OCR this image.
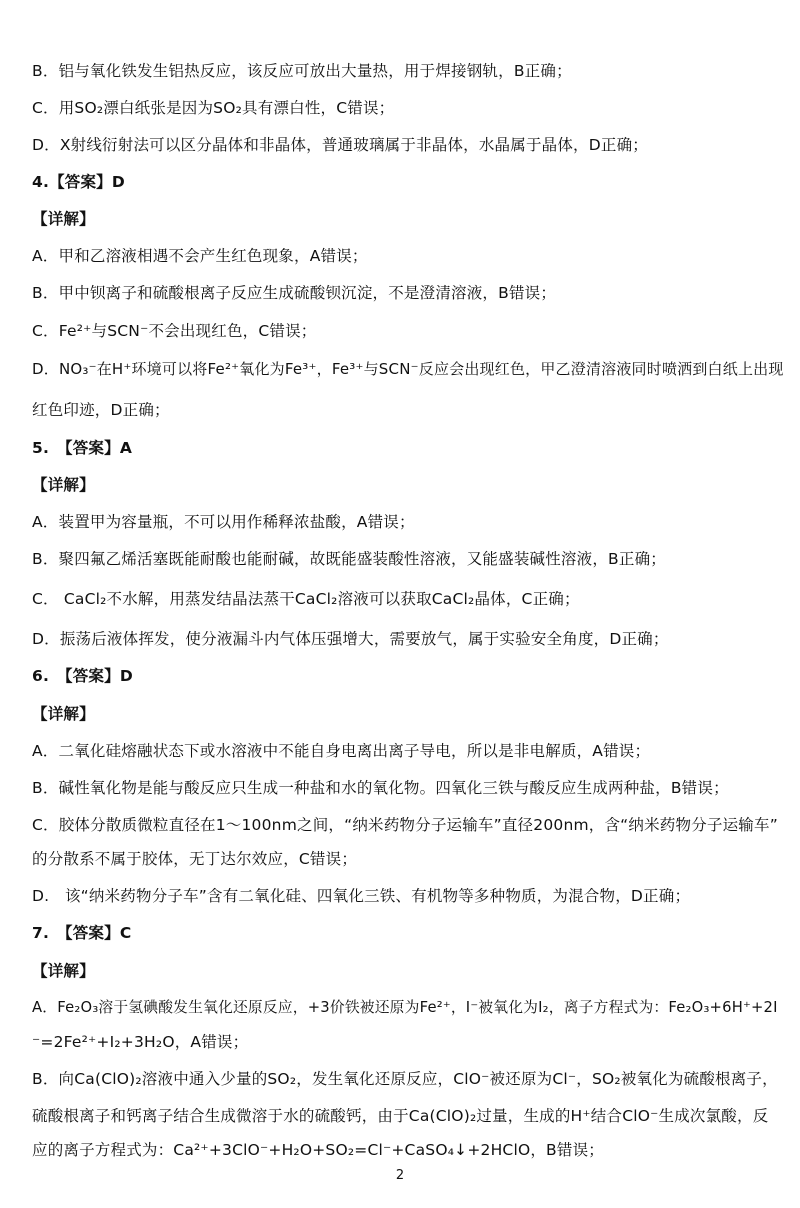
B．铝与氧化铁发生铝热反应，该反应可放出大量热，用于焊接钢轨，B正确；
C．用SO₂漂白纸张是因为SO₂具有漂白性，C错误；
D．X射线衍射法可以区分晶体和非晶体，普通玻璃属于非晶体，水晶属于晶体，D正确；
4.【答案】D
【详解】
A．甲和乙溶液相遇不会产生红色现象，A错误；
B．甲中钡离子和硫酸根离子反应生成硫酸钡沉淀，不是澄清溶液，B错误；
C．Fe²⁺与SCN⁻不会出现红色，C错误；
D．NO₃⁻在H⁺环境可以将Fe²⁺氧化为Fe³⁺，Fe³⁺与SCN⁻反应会出现红色，甲乙澄清溶液同时喷洒到白纸上出现
红色印迹，D正确；
5.　【答案】A
【详解】
A．装置甲为容量瓶，不可以用作稀释浓盐酸，A错误；
B．聚四氟乙烯活塞既能耐酸也能耐碱，故既能盛装酸性溶液，又能盛装碱性溶液，B正确；
C． CaCl₂不水解，用蒸发结晶法蒸干CaCl₂溶液可以获取CaCl₂晶体，C正确；
D．振荡后液体挥发，使分液漏斗内气体压强增大，需要放气，属于实验安全角度，D正确；
6.　【答案】D
【详解】
A．二氧化硅熔融状态下或水溶液中不能自身电离出离子导电，所以是非电解质，A错误；
B．碱性氧化物是能与酸反应只生成一种盐和水的氧化物。四氧化三铁与酸反应生成两种盐，B错误；
C．胶体分散质微粒直径在1～100nm之间，“纳米药物分子运输车”直径200nm，含“纳米药物分子运输车”
的分散系不属于胶体，无丁达尔效应，C错误；
D.　该“纳米药物分子车”含有二氧化硅、四氧化三铁、有机物等多种物质，为混合物，D正确；
7.　【答案】C
【详解】
A．Fe₂O₃溶于氢碘酸发生氧化还原反应，+3价铁被还原为Fe²⁺，I⁻被氧化为I₂，离子方程式为：Fe₂O₃+6H⁺+2I
⁻=2Fe²⁺+I₂+3H₂O，A错误；
B．向Ca(ClO)₂溶液中通入少量的SO₂，发生氧化还原反应，ClO⁻被还原为Cl⁻，SO₂被氧化为硫酸根离子，
硫酸根离子和钙离子结合生成微溶于水的硫酸钙，由于Ca(ClO)₂过量，生成的H⁺结合ClO⁻生成次氯酸，反
应的离子方程式为：Ca²⁺+3ClO⁻+H₂O+SO₂=Cl⁻+CaSO₄↓+2HClO，B错误；
2
